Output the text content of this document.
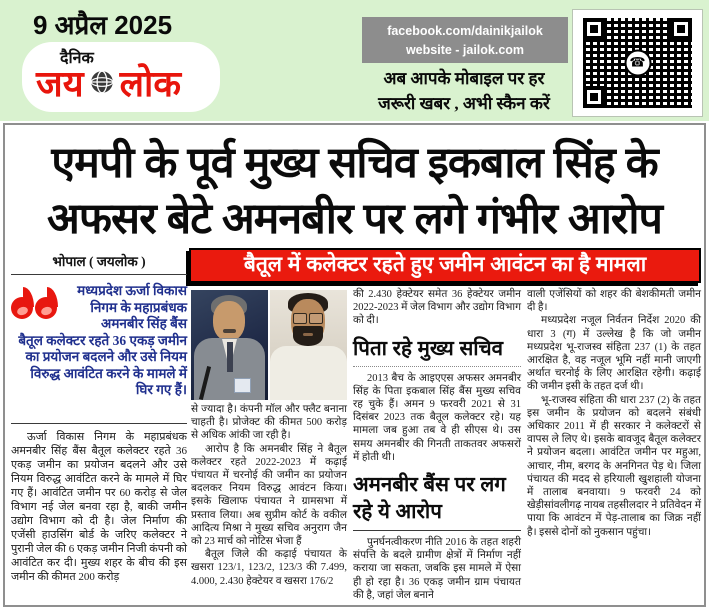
9 अप्रैल 2025
दैनिक
जय लोक
facebook.com/dainikjailok
website - jailok.com
अब आपके मोबाइल पर हर
जरूरी खबर , अभी स्कैन करें
☎
एमपी के पूर्व मुख्य सचिव इकबाल सिंह के
अफसर बेटे अमनबीर पर लगे गंभीर आरोप
बैतूल में कलेक्टर रहते हुए जमीन आवंटन का है मामला
भोपाल ( जयलोक )
मध्यप्रदेश ऊर्जा विकास निगम के महाप्रबंधक अमनबीर सिंह बैंस बैतूल कलेक्टर रहते 36 एकड़ जमीन का प्रयोजन बदलने और उसे नियम विरुद्ध आवंटित करने के मामले में घिर गए हैं।
ऊर्जा विकास निगम के महाप्रबंधक अमनबीर सिंह बैंस बैतूल कलेक्टर रहते 36 एकड़ जमीन का प्रयोजन बदलने और उसे नियम विरुद्ध आवंटित करने के मामले में घिर गए हैं। आवंटित जमीन पर 60 करोड़ से जेल विभाग नई जेल बनवा रहा है, बाकी जमीन उद्योग विभाग को दी है। जेल निर्माण की एजेंसी हाउसिंग बोर्ड के जरिए कलेक्टर ने पुरानी जेल की 6 एकड़ जमीन निजी कंपनी को आवंटित कर दी। मुख्य शहर के बीच की इस जमीन की कीमत 200 करोड़

से ज्यादा है। कंपनी मॉल और फ्लैट बनाना चाहती है। प्रोजेक्ट की कीमत 500 करोड़ से अधिक आंकी जा रही है।

आरोप है कि अमनबीर सिंह ने बैतूल कलेक्टर रहते 2022-2023 में कढ़ाई पंचायत में चरनोई की जमीन का प्रयोजन बदलकर नियम विरुद्ध आवंटन किया। इसके खिलाफ पंचायत ने ग्रामसभा में प्रस्ताव लिया। अब सुप्रीम कोर्ट के वकील आदित्य मिश्रा ने मुख्य सचिव अनुराग जैन को 23 मार्च को नोटिस भेजा हैं

बैतूल जिले की कढ़ाई पंचायत के खसरा 123/1, 123/2, 123/3 की 7.499, 4.000, 2.430 हेक्टेयर व खसरा 176/2

की 2.430 हेक्टेयर समेत 36 हेक्टेयर जमीन 2022-2023 में जेल विभाग और उद्योग विभाग को दी।

पिता रहे मुख्य सचिव

2013 बैच के आइएएस अफसर अमनबीर सिंह के पिता इकबाल सिंह बैंस मुख्य सचिव रह चुके हैं। अमन 9 फरवरी 2021 से 31 दिसंबर 2023 तक बैतूल कलेक्टर रहे। यह मामला जब हुआ तब वे ही सीएस थे। उस समय अमनबीर की गिनती ताकतवर अफसरों में होती थी।

अमनबीर बैंस पर लग रहे ये आरोप

पुनर्घनत्वीकरण नीति 2016 के तहत शहरी संपत्ति के बदले ग्रामीण क्षेत्रों में निर्माण नहीं कराया जा सकता, जबकि इस मामले में ऐसा ही हो रहा है। 36 एकड़ जमीन ग्राम पंचायत की है, जहां जेल बनाने

वाली एजेंसियों को शहर की बेशकीमती जमीन दी है।

मध्यप्रदेश नजूल निर्वतन निर्देश 2020 की धारा 3 (ग) में उल्लेख है कि जो जमीन मध्यप्रदेश भू-राजस्व संहिता 237 (1) के तहत आरक्षित है, वह नजूल भूमि नहीं मानी जाएगी अर्थात चरनोई के लिए आरक्षित रहेगी। कढ़ाई की जमीन इसी के तहत दर्ज थी।

भू-राजस्व संहिता की धारा 237 (2) के तहत इस जमीन के प्रयोजन को बदलने संबंधी अधिकार 2011 में ही सरकार ने कलेक्टरों से वापस ले लिए थे। इसके बावजूद बैतूल कलेक्टर ने प्रयोजन बदला। आवंटित जमीन पर महुआ, आचार, नीम, बरगद के अनगिनत पेड़ थे। जिला पंचायत की मदद से हरियाली खुशहाली योजना में तालाब बनवाया। 9 फरवरी 24 को खेड़ीसांवलीगढ़ नायब तहसीलदार ने प्रतिवेदन में पाया कि आवंटन में पेड़-तालाब का जिक्र नहीं है। इससे दोनों को नुकसान पहुंचा।
